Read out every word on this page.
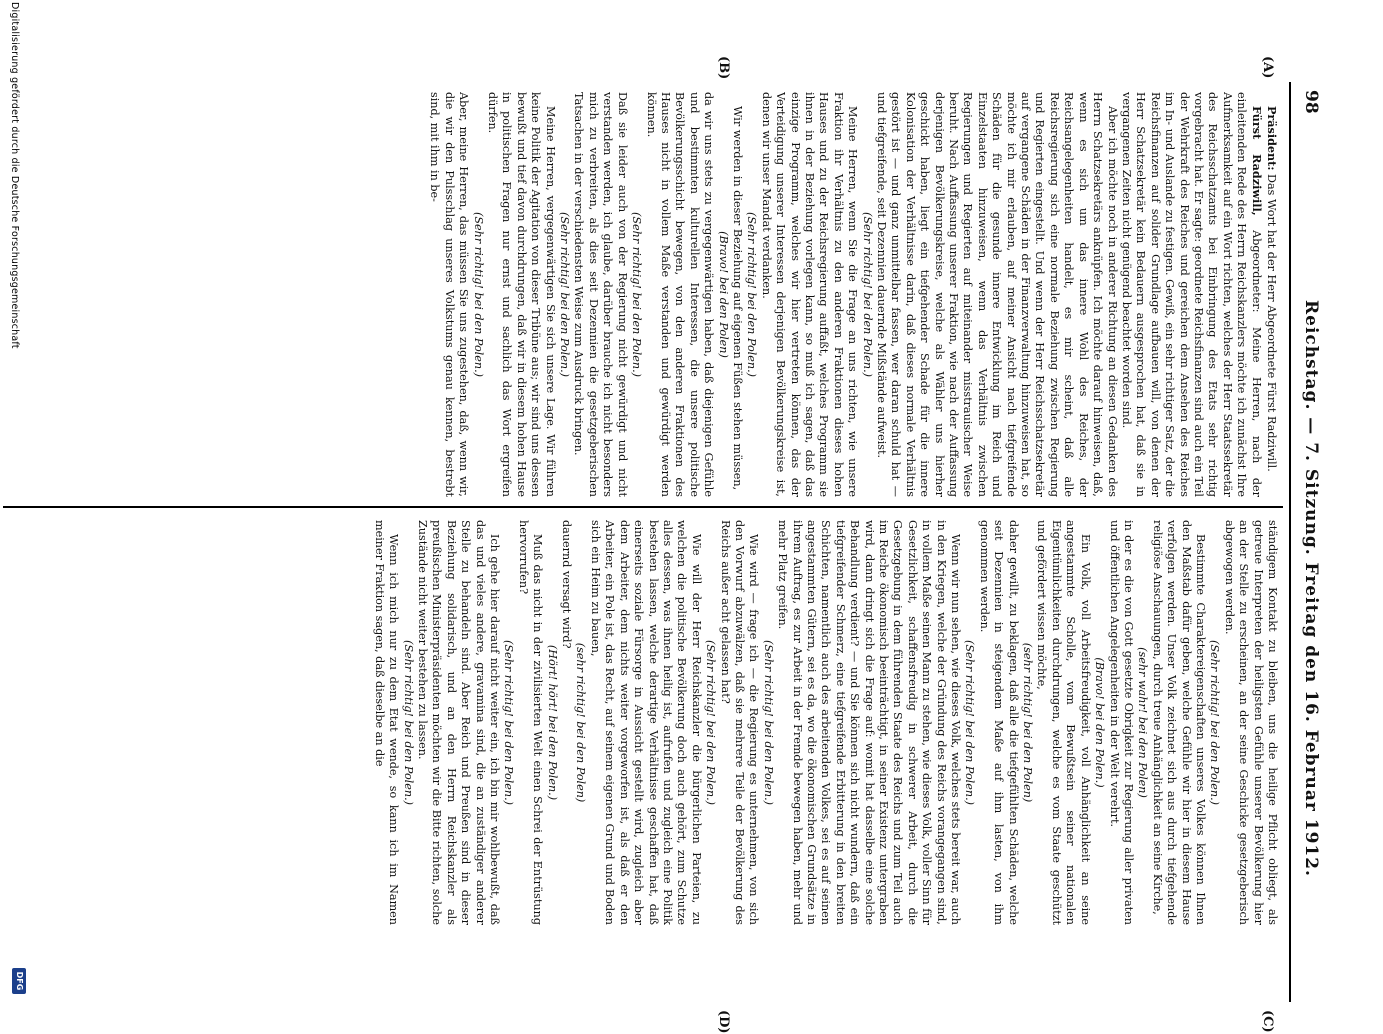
98
Reichstag. — 7. Sitzung. Freitag den 16. Februar 1912.
(A)
(B)
(C)
(D)

Präsident: Das Wort hat der Herr Abgeordnete Fürst Radziwill.

Fürst Radziwill, Abgeordneter: Meine Herren, nach der einleitenden Rede des Herrn Reichskanzlers möchte ich zunächst Ihre Aufmerksamkeit auf ein Wort richten, welches der Herr Staatssekretär des Reichsschatzamts bei Einbringung des Etats sehr richtig vorgebracht hat. Er sagte: geordnete Reichsfinanzen sind auch ein Teil der Wehrkraft des Reiches und gereichen dem Ansehen des Reiches im In- und Auslande zu festigen. Gewiß, ein sehr richtiger Satz, der die Reichsfinanzen auf solider Grundlage aufbauen will, von denen der Herr Schatzsekretär kein Bedauern ausgesprochen hat, daß sie in vergangenen Zeiten nicht genügend beachtet worden sind.

Aber ich möchte noch in anderer Richtung an diesen Gedanken des Herrn Schatzsekretärs anknüpfen. Ich möchte darauf hinweisen, daß, wenn es sich um das innere Wohl des Reiches, der Reichsangelegenheiten handelt, es mir scheint, daß alle Reichsregierung sich eine normale Beziehung zwischen Regierung und Regierten eingestellt. Und wenn der Herr Reichsschatzsekretär auf vergangene Schäden in der Finanzverwaltung hinzuweisen hat, so möchte ich mir erlauben, auf meiner Ansicht nach tiefgreifende Schäden für die gesunde innere Entwicklung im Reich und Einzelstaaten hinzuweisen, wenn das Verhältnis zwischen Regierungen und Regierten auf miteinander misstrauischer Weise beruht. Nach Auffassung unserer Fraktion, wie nach der Auffassung derjenigen Bevölkerungskreise, welche als Wähler uns hierher geschickt haben, liegt ein tiefgehender Schade für die innere Kolonisation der Verhältnisse darin, daß dieses normale Verhältnis gestört ist — und ganz unmittelbar fassen, wer daran schuld hat — und tiefgreifende, seit Dezennien dauernde Mißstände aufweist.

(Sehr richtig! bei den Polen.)

Meine Herren, wenn Sie die Frage an uns richten, wie unsere Fraktion ihr Verhältnis zu den anderen Fraktionen dieses hohen Hauses und zu der Reichsregierung auffaßt, welches Programm sie ihnen in der Beziehung vorlegen kann, so muß ich sagen, daß das einzige Programm, welches wir hier vertreten können, das der Verteidigung unserer Interessen derjenigen Bevölkerungskreise ist, denen wir unser Mandat verdanken.

(Sehr richtig! bei den Polen.)

Wir werden in dieser Beziehung auf eigenen Füßen stehen müssen,

(Bravo! bei den Polen)

da wir uns stets zu vergegenwärtigen haben, daß diejenigen Gefühle und bestimmten kulturellen Interessen, die unsere politische Bevölkerungsschicht bewegen, von den anderen Fraktionen des Hauses nicht in vollem Maße verstanden und gewürdigt werden können.

(Sehr richtig! bei den Polen.)

Daß sie leider auch von der Regierung nicht gewürdigt und nicht verstanden werden, ich glaube, darüber brauche ich nicht besonders mich zu verbreiten, als dies seit Dezennien die gesetzgeberischen Tatsachen in der verschiedensten Weise zum Ausdruck bringen.

(Sehr richtig! bei den Polen.)

Meine Herren, vergegenwärtigen Sie sich unsere Lage. Wir führen keine Politik der Agitation von dieser Tribüne aus; wir sind uns dessen bewußt und tief davon durchdrungen, daß wir in diesem hohen Hause in politischen Fragen nur ernst und sachlich das Wort ergreifen dürfen.

(Sehr richtig! bei den Polen.)

Aber, meine Herren, das müssen Sie uns zugestehen, daß, wenn wir, die wir den Pulsschlag unseres Volkstums genau kennen, bestrebt sind, mit ihm in be-

ständigem Kontakt zu bleiben, uns die heilige Pflicht obliegt, als getreue Interpreten der heiligsten Gefühle unserer Bevölkerung hier an der Stelle zu erscheinen, an der seine Geschicke gesetzgeberisch abgewogen werden.

(Sehr richtig! bei den Polen.)

Bestimmte Charaktereigenschaften unseres Volkes können Ihnen den Maßstab dafür geben, welche Gefühle wir hier in diesem Hause verfolgen werden. Unser Volk zeichnet sich aus durch tiefgehende religiöse Anschauungen, durch treue Anhänglichkeit an seine Kirche,

(sehr wahr! bei den Polen)

in der es die von Gott gesetzte Obrigkeit zur Regierung aller privaten und öffentlichen Angelegenheiten in der Welt verehrt.

(Bravo! bei den Polen.)

Ein Volk, voll Arbeitsfreudigkeit, voll Anhänglichkeit an seine angestammte Scholle, vom Bewußtsein seiner nationalen Eigentümlichkeiten durchdrungen, welche es vom Staate geschützt und gefördert wissen möchte,

(sehr richtig! bei den Polen)

daher gewillt, zu beklagen, daß alle die tiefgefühlten Schäden, welche seit Dezennien in steigendem Maße auf ihm lasten, von ihm genommen werden.

(Sehr richtig! bei den Polen.)

Wenn wir nun sehen, wie dieses Volk, welches stets bereit war, auch in den Kriegen, welche der Gründung des Reichs vorangegangen sind, in vollem Maße seinen Mann zu stehen, wie dieses Volk, voller Sinn für Gesetzlichkeit, schaffensfreudig in schwerer Arbeit, durch die Gesetzgebung in dem führenden Staate des Reichs und zum Teil auch im Reiche ökonomisch beeinträchtigt, in seiner Existenz untergraben wird, dann dringt sich die Frage auf: womit hat dasselbe eine solche Behandlung verdient? — und Sie können sich nicht wundern, daß ein tiefgreifender Schmerz, eine tiefgreifende Erbitterung in den breiten Schichten, namentlich auch des arbeitenden Volkes, sei es auf seinen angestammten Gütern, sei es da, wo die ökonomischen Grundsätze in ihrem Auftrag, es zur Arbeit in der Fremde bewegen haben, mehr und mehr Platz greifen.

(Sehr richtig! bei den Polen.)

Wie wird — frage ich — die Regierung es unternehmen, von sich den Vorwurf abzuwälzen, daß sie mehrere Teile der Bevölkerung des Reichs außer acht gelassen hat?

(Sehr richtig! bei den Polen.)

Wie will der Herr Reichskanzler die bürgerlichen Parteien, zu welchen die politische Bevölkerung doch auch gehört, zum Schutze alles dessen, was ihnen heilig ist, aufrufen und zugleich eine Politik bestehen lassen, welche derartige Verhältnisse geschaffen hat, daß einerseits soziale Fürsorge in Aussicht gestellt wird, zugleich aber dem Arbeiter, dem nichts weiter vorgeworfen ist, als daß er den Arbeiter, ein Pole ist, das Recht, auf seinem eigenen Grund und Boden sich ein Heim zu bauen,

(sehr richtig! bei den Polen)

dauernd versagt wird?

(Hört! hört! bei den Polen.)

Muß das nicht in der zivilisierten Welt einen Schrei der Entrüstung hervorrufen?

(Sehr richtig! bei den Polen.)

Ich gehe hier darauf nicht weiter ein, ich bin mir wohlbewußt, daß das und vieles andere, gravamina sind, die an zuständiger anderer Stelle zu behandeln sind. Aber Reich und Preußen sind in dieser Beziehung solidarisch, und an den Herrn Reichskanzler als preußischen Ministerpräsidenten möchten wir die Bitte richten, solche Zustände nicht weiter bestehen zu lassen.

(Sehr richtig! bei den Polen.)

Wenn ich mich nur zu dem Etat wende, so kann ich im Namen meiner Fraktion sagen, daß dieselbe an die

Digitalisierung gefördert durch die Deutsche Forschungsgemeinschaft
DFG
